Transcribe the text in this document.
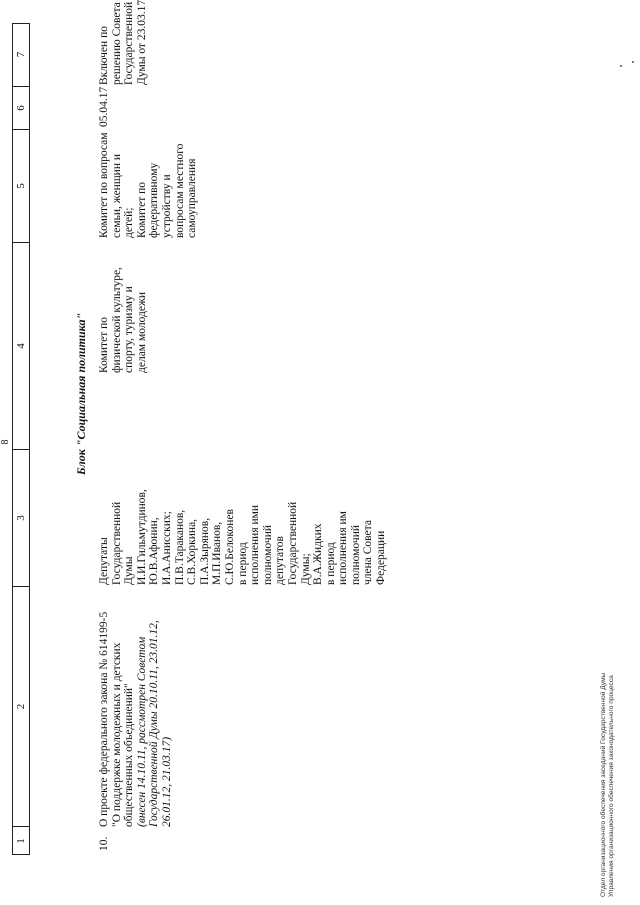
8
1
2
3
4
5
6
7
Блок "Социальная политика"
10.
О проекте федерального закона № 614199-5 "О поддержке молодежных и детских общественных объединений" (внесен 14.10.11, рассмотрен Советом Государственной Думы 20.10.11, 23.01.12, 26.01.12, 21.03.17)
Депутаты Государственной Думы И.И.Гильмутдинов, Ю.В.Афонин, И.А.Анисских; П.В.Тараканов, С.В.Хоркина, П.А.Зырянов, М.П.Иванов, С.Ю.Белоконев в период исполнения ими полномочий депутатов Государственной Думы; В.А.Жидких в период исполнения им полномочий члена Совета Федерации
Комитет по физической культуре, спорту, туризму и делам молодежи
Комитет по вопросам семьи, женщин и детей; Комитет по федеративному устройству и вопросам местного самоуправления
05.04.17
Включен по решению Совета Государственной Думы от 23.03.17
Отдел организационного обеспечения заседаний Государственной Думы Управления организационного обеспечения законодательного процесса
